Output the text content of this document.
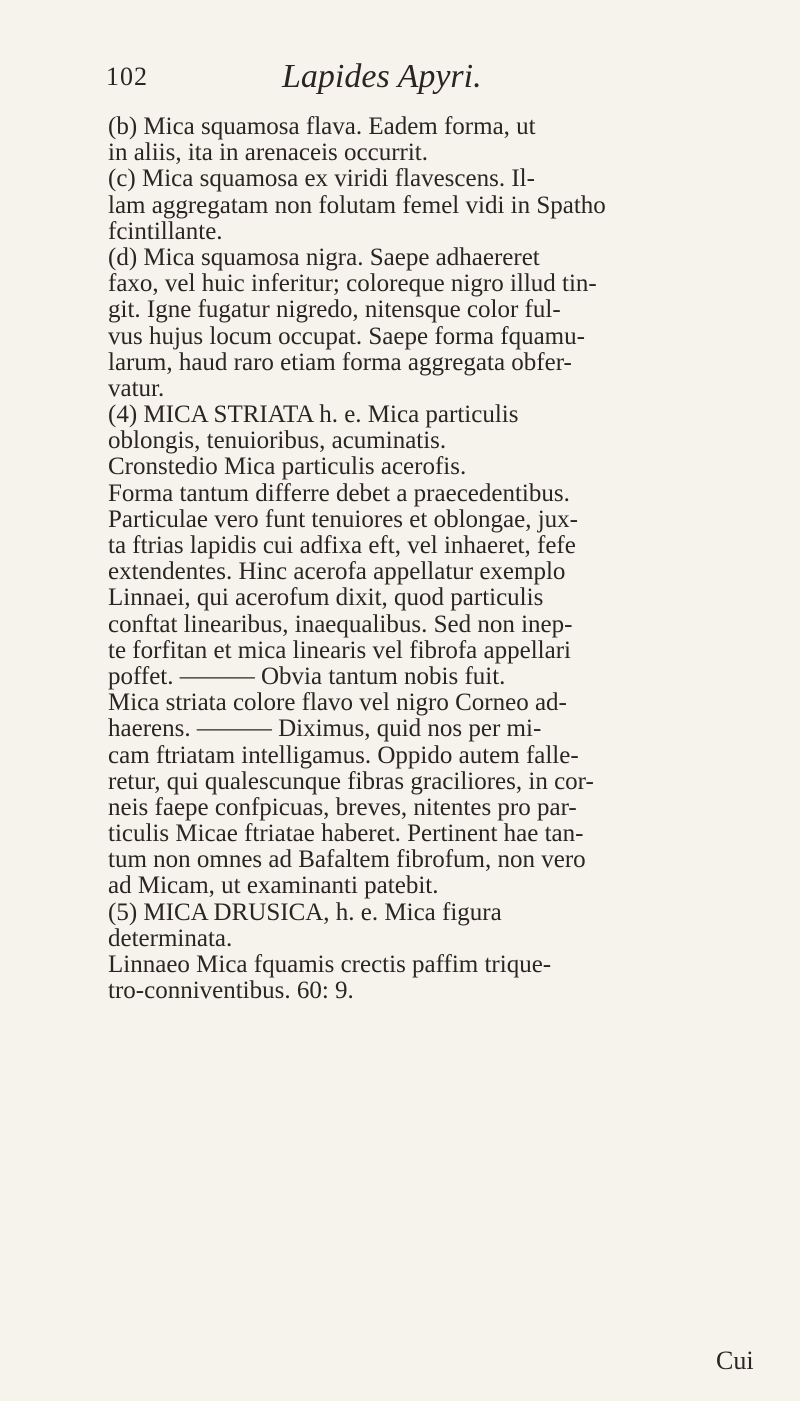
102	Lapides Apyri.
(b) Mica squamosa flava. Eadem forma, ut
in aliis, ita in arenaceis occurrit.
(c) Mica squamosa ex viridi flavescens. Il-
lam aggregatam non folutam femel vidi in Spatho
fcintillante.
(d) Mica squamosa nigra. Saepe adhaereret
faxo, vel huic inferitur; coloreque nigro illud tin-
git. Igne fugatur nigredo, nitensque color ful-
vus hujus locum occupat. Saepe forma fquamu-
larum, haud raro etiam forma aggregata obfer-
vatur.
(4) MICA STRIATA h. e. Mica particulis
oblongis, tenuioribus, acuminatis.
Cronstedio Mica particulis acerofis.
Forma tantum differre debet a praecedentibus.
Particulae vero funt tenuiores et oblongae, jux-
ta ftrias lapidis cui adfixa eft, vel inhaeret, fefe
extendentes. Hinc acerofa appellatur exemplo
Linnaei, qui acerofum dixit, quod particulis
conftat linearibus, inaequalibus. Sed non inep-
te forfitan et mica linearis vel fibrofa appellari
poffet. ——— Obvia tantum nobis fuit.
Mica striata colore flavo vel nigro Corneo ad-
haerens. ——— Diximus, quid nos per mi-
cam ftriatam intelligamus. Oppido autem falle-
retur, qui qualescunque fibras graciliores, in cor-
neis faepe confpicuas, breves, nitentes pro par-
ticulis Micae ftriatae haberet. Pertinent hae tan-
tum non omnes ad Bafaltem fibrofum, non vero
ad Micam, ut examinanti patebit.
(5) MICA DRUSICA, h. e. Mica figura
determinata.
Linnaeo Mica fquamis crectis paffim trique-
tro-conniventibus. 60: 9.
Cui
